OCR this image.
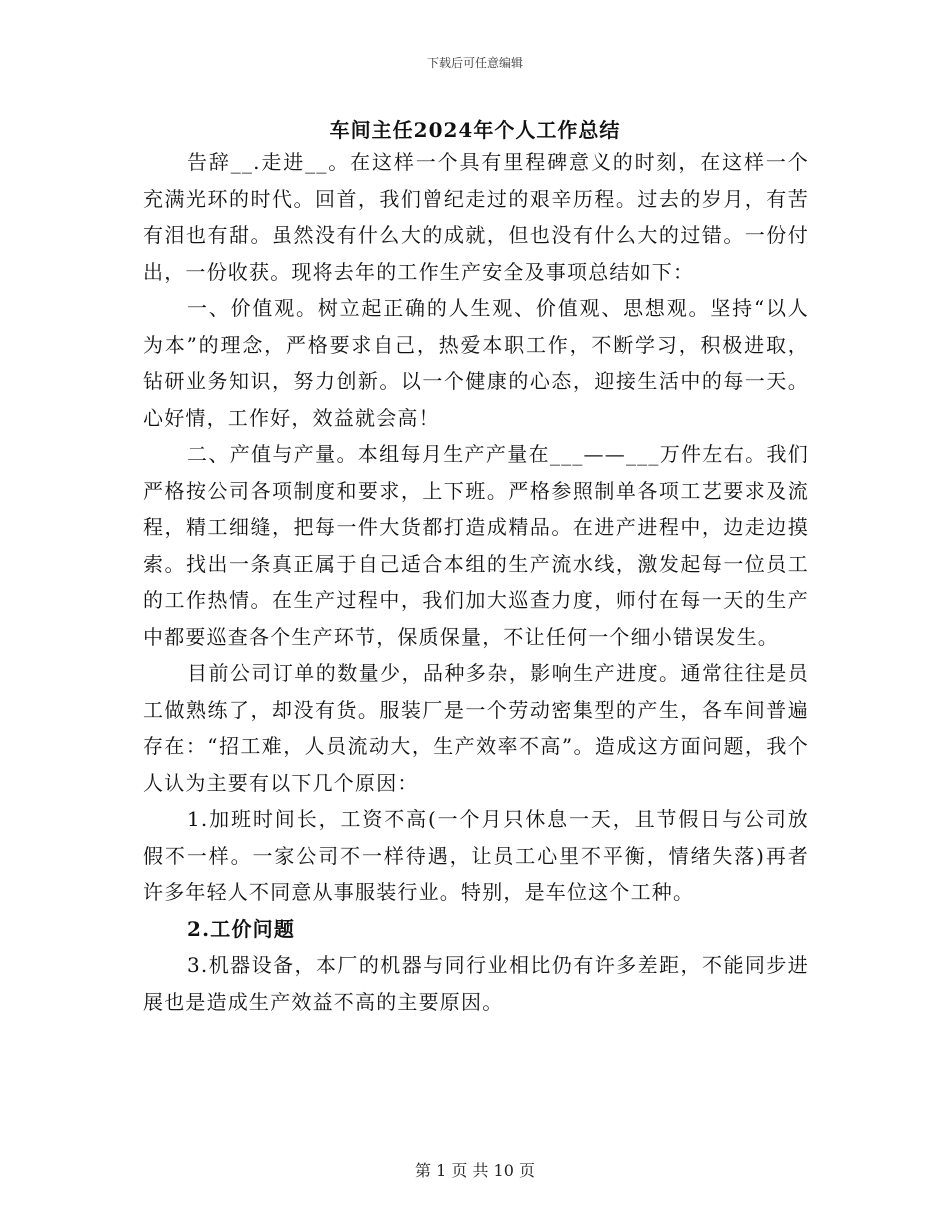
下载后可任意编辑
车间主任2024年个人工作总结

告辞__.走进__。在这样一个具有里程碑意义的时刻，在这样一个充满光环的时代。回首，我们曾纪走过的艰辛历程。过去的岁月，有苦有泪也有甜。虽然没有什么大的成就，但也没有什么大的过错。一份付出，一份收获。现将去年的工作生产安全及事项总结如下：

一、价值观。树立起正确的人生观、价值观、思想观。坚持“以人为本”的理念，严格要求自己，热爱本职工作，不断学习，积极进取，钻研业务知识，努力创新。以一个健康的心态，迎接生活中的每一天。心好情，工作好，效益就会高！

二、产值与产量。本组每月生产产量在___——___万件左右。我们严格按公司各项制度和要求，上下班。严格参照制单各项工艺要求及流程，精工细缝，把每一件大货都打造成精品。在进产进程中，边走边摸索。找出一条真正属于自己适合本组的生产流水线，激发起每一位员工的工作热情。在生产过程中，我们加大巡查力度，师付在每一天的生产中都要巡查各个生产环节，保质保量，不让任何一个细小错误发生。

目前公司订单的数量少，品种多杂，影响生产进度。通常往往是员工做熟练了，却没有货。服装厂是一个劳动密集型的产生，各车间普遍存在：“招工难，人员流动大，生产效率不高”。造成这方面问题，我个人认为主要有以下几个原因：

1.加班时间长，工资不高(一个月只休息一天，且节假日与公司放假不一样。一家公司不一样待遇，让员工心里不平衡，情绪失落)再者许多年轻人不同意从事服装行业。特别，是车位这个工种。

2.工价问题

3.机器设备，本厂的机器与同行业相比仍有许多差距，不能同步进展也是造成生产效益不高的主要原因。

第 1 页 共 10 页
